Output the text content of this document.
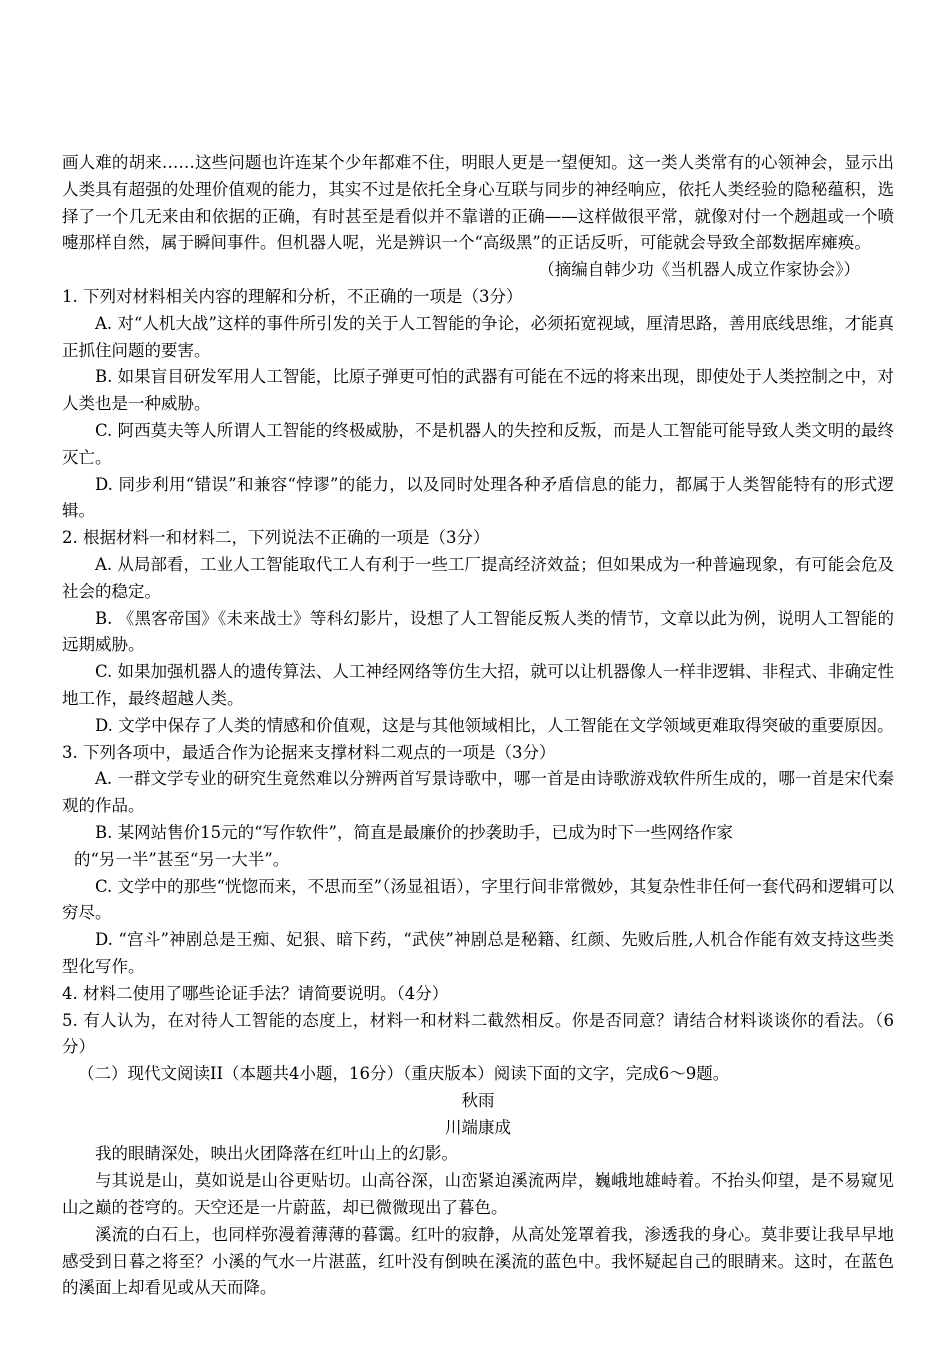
画人难的胡来……这些问题也许连某个少年都难不住，明眼人更是一望便知。这一类人类常有的心领神会，显示出人类具有超强的处理价值观的能力，其实不过是依托全身心互联与同步的神经响应，依托人类经验的隐秘蕴积，选择了一个几无来由和依据的正确，有时甚至是看似并不靠谱的正确——这样做很平常，就像对付一个趔趄或一个喷嚏那样自然，属于瞬间事件。但机器人呢，光是辨识一个“高级黑”的正话反听，可能就会导致全部数据库瘫痪。

（摘编自韩少功《当机器人成立作家协会》）

1. 下列对材料相关内容的理解和分析，不正确的一项是（3分）

A. 对“人机大战”这样的事件所引发的关于人工智能的争论，必须拓宽视域，厘清思路，善用底线思维，才能真正抓住问题的要害。

B. 如果盲目研发军用人工智能，比原子弹更可怕的武器有可能在不远的将来出现，即使处于人类控制之中，对人类也是一种威胁。

C. 阿西莫夫等人所谓人工智能的终极威胁，不是机器人的失控和反叛，而是人工智能可能导致人类文明的最终灭亡。

D. 同步利用“错误”和兼容“悖谬”的能力，以及同时处理各种矛盾信息的能力，都属于人类智能特有的形式逻辑。

2. 根据材料一和材料二，下列说法不正确的一项是（3分）

A. 从局部看，工业人工智能取代工人有利于一些工厂提高经济效益；但如果成为一种普遍现象，有可能会危及社会的稳定。

B. 《黑客帝国》《未来战士》等科幻影片，设想了人工智能反叛人类的情节，文章以此为例，说明人工智能的远期威胁。

C. 如果加强机器人的遗传算法、人工神经网络等仿生大招，就可以让机器像人一样非逻辑、非程式、非确定性地工作，最终超越人类。

D. 文学中保存了人类的情感和价值观，这是与其他领域相比，人工智能在文学领域更难取得突破的重要原因。

3. 下列各项中，最适合作为论据来支撑材料二观点的一项是（3分）

A. 一群文学专业的研究生竟然难以分辨两首写景诗歌中，哪一首是由诗歌游戏软件所生成的，哪一首是宋代秦观的作品。

B. 某网站售价15元的“写作软件”，简直是最廉价的抄袭助手，已成为时下一些网络作家

的“另一半”甚至“另一大半”。

C. 文学中的那些“恍惚而来，不思而至”（汤显祖语），字里行间非常微妙，其复杂性非任何一套代码和逻辑可以穷尽。

D. “宫斗”神剧总是王痴、妃狠、暗下药，“武侠”神剧总是秘籍、红颜、先败后胜,人机合作能有效支持这些类型化写作。

4. 材料二使用了哪些论证手法？请简要说明。（4分）

5. 有人认为，在对待人工智能的态度上，材料一和材料二截然相反。你是否同意？请结合材料谈谈你的看法。（6分）

（二）现代文阅读II（本题共4小题，16分）（重庆版本）阅读下面的文字，完成6〜9题。

秋雨

川端康成

我的眼睛深处，映出火团降落在红叶山上的幻影。

与其说是山，莫如说是山谷更贴切。山高谷深，山峦紧迫溪流两岸，巍峨地雄峙着。不抬头仰望，是不易窥见山之巅的苍穹的。天空还是一片蔚蓝，却已微微现出了暮色。

溪流的白石上，也同样弥漫着薄薄的暮霭。红叶的寂静，从高处笼罩着我，渗透我的身心。莫非要让我早早地感受到日暮之将至？小溪的气水一片湛蓝，红叶没有倒映在溪流的蓝色中。我怀疑起自己的眼睛来。这时，在蓝色的溪面上却看见或从天而降。
